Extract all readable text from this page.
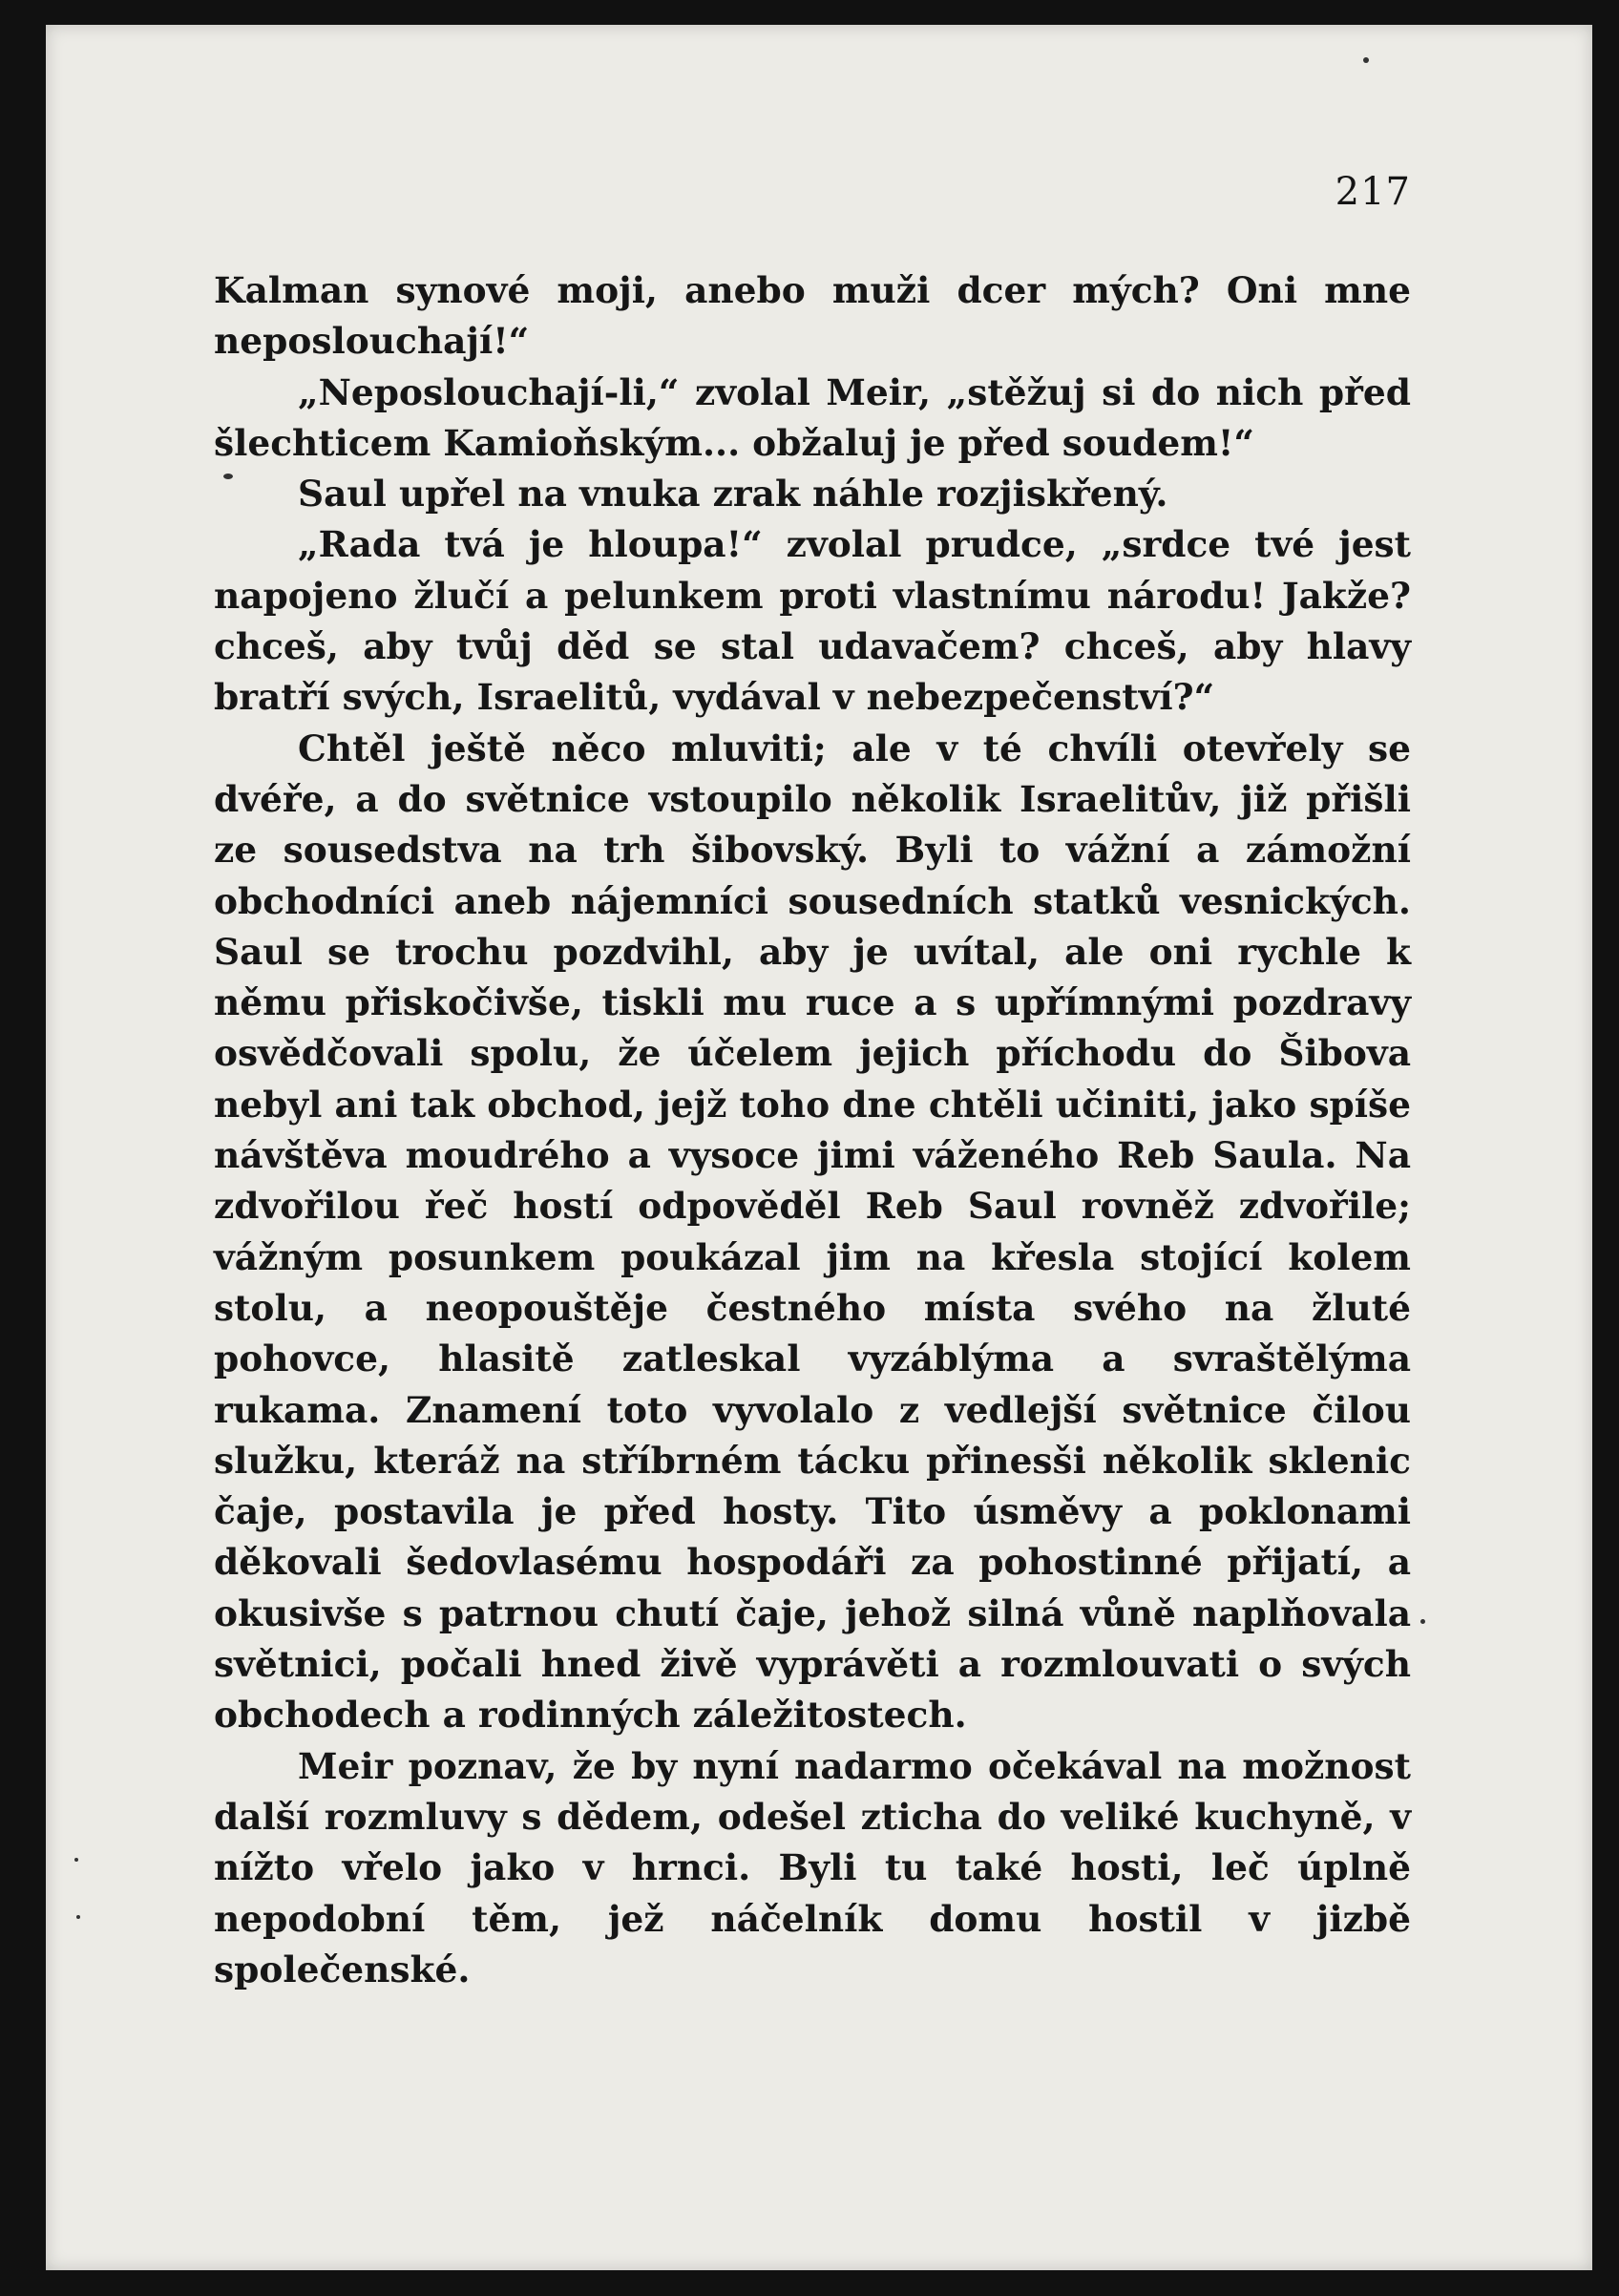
217

Kalman synové moji, anebo muži dcer mých? Oni mne neposlouchají!“

„Neposlouchají-li,“ zvolal Meir, „stěžuj si do nich před šlechticem Kamioňským... obžaluj je před soudem!“

Saul upřel na vnuka zrak náhle rozjiskřený.

„Rada tvá je hloupa!“ zvolal prudce, „srdce tvé jest napojeno žlučí a pelunkem proti vlastnímu národu! Jakže? chceš, aby tvůj děd se stal udavačem? chceš, aby hlavy bratří svých, Israelitů, vydával v nebezpečenství?“

Chtěl ještě něco mluviti; ale v té chvíli otevřely se dvéře, a do světnice vstoupilo několik Israelitův, již přišli ze sousedstva na trh šibovský. Byli to vážní a zámožní obchodníci aneb nájemníci sousedních statků vesnických. Saul se trochu pozdvihl, aby je uvítal, ale oni rychle k němu přiskočivše, tiskli mu ruce a s upřímnými pozdravy osvědčovali spolu, že účelem jejich příchodu do Šibova nebyl ani tak obchod, jejž toho dne chtěli učiniti, jako spíše návštěva moudrého a vysoce jimi váženého Reb Saula. Na zdvořilou řeč hostí odpověděl Reb Saul rovněž zdvořile; vážným posunkem poukázal jim na křesla stojící kolem stolu, a neopouštěje čestného místa svého na žluté pohovce, hlasitě zatleskal vyzáblýma a svraštělýma rukama. Znamení toto vyvolalo z vedlejší světnice čilou služku, kteráž na stříbrném tácku přinesši několik sklenic čaje, postavila je před hosty. Tito úsměvy a poklonami děkovali šedovlasému hospodáři za pohostinné přijatí, a okusivše s patrnou chutí čaje, jehož silná vůně naplňovala světnici, počali hned živě vyprávěti a rozmlouvati o svých obchodech a rodinných záležitostech.

Meir poznav, že by nyní nadarmo očekával na možnost další rozmluvy s dědem, odešel zticha do veliké kuchyně, v nížto vřelo jako v hrnci. Byli tu také hosti, leč úplně nepodobní těm, jež náčelník domu hostil v jizbě společenské.
